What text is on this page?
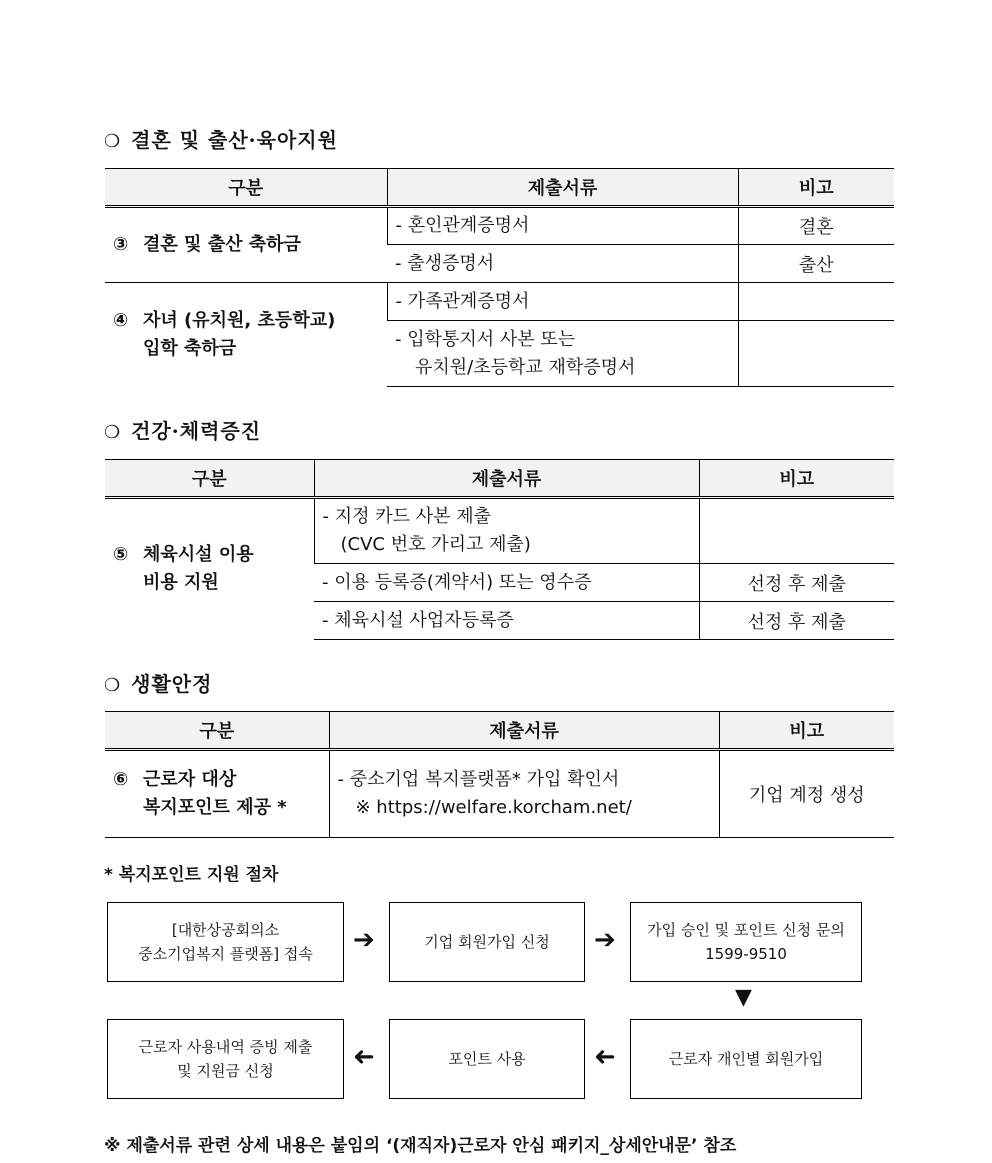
❍ 결혼 및 출산·육아지원
구분	제출서류	비고
③ 결혼 및 출산 축하금	- 혼인관계증명서	결혼
	- 출생증명서	출산
④ 자녀 (유치원, 초등학교)
입학 축하금	- 가족관계증명서	
	- 입학통지서 사본 또는
유치원/초등학교 재학증명서	
❍ 건강·체력증진
구분	제출서류	비고
⑤ 체육시설 이용
비용 지원	- 지정 카드 사본 제출
(CVC 번호 가리고 제출)	
	- 이용 등록증(계약서) 또는 영수증	선정 후 제출
	- 체육시설 사업자등록증	선정 후 제출
❍ 생활안정
구분	제출서류	비고
⑥ 근로자 대상
복지포인트 제공 *	- 중소기업 복지플랫폼* 가입 확인서
※ https://welfare.korcham.net/	기업 계정 생성
* 복지포인트 지원 절차
[대한상공회의소
중소기업복지 플랫폼] 접속 ➔	기업 회원가입 신청 ➔ 가입 승인 및 포인트 신청 문의
1599-9510
▼
근로자 개인별 회원가입
➜
포인트 사용
➜
근로자 사용내역 증빙 제출
및 지원금 신청
※ 제출서류 관련 상세 내용은 붙임의 ‘(재직자)근로자 안심 패키지_상세안내문’ 참조
